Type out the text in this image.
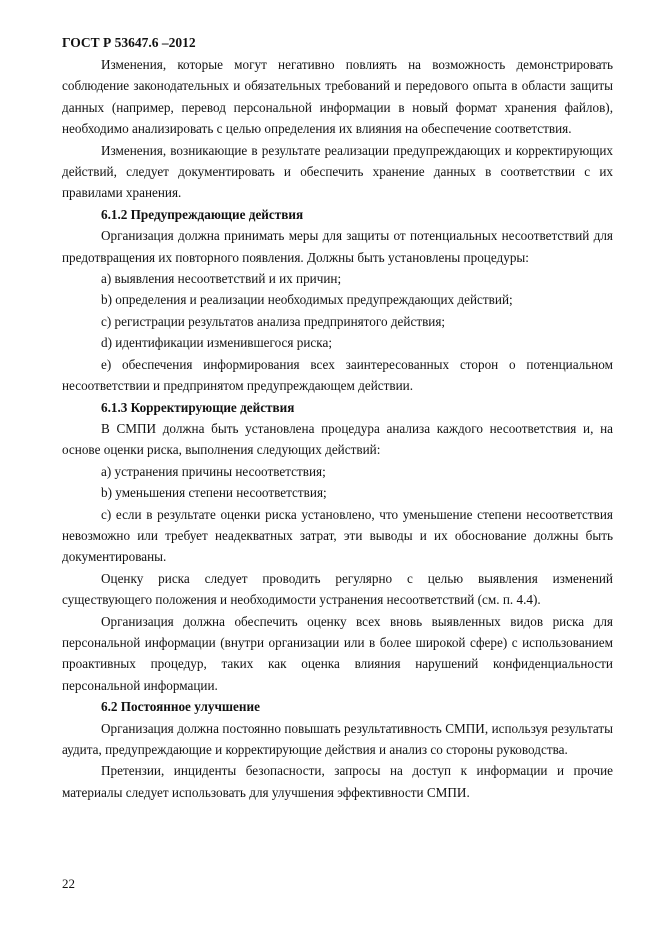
ГОСТ Р 53647.6 –2012
Изменения, которые могут негативно повлиять на возможность демонстрировать соблюдение законодательных и обязательных требований и передового опыта в области защиты данных (например, перевод персональной информации в новый формат хранения файлов), необходимо анализировать с целью определения их влияния на обеспечение соответствия.
Изменения, возникающие в результате реализации предупреждающих и корректирующих действий, следует документировать и обеспечить хранение данных в соответствии с их правилами хранения.
6.1.2 Предупреждающие действия
Организация должна принимать меры для защиты от потенциальных несоответствий для предотвращения их повторного появления. Должны быть установлены процедуры:
a) выявления несоответствий и их причин;
b) определения и реализации необходимых предупреждающих действий;
c) регистрации результатов анализа предпринятого действия;
d) идентификации изменившегося риска;
e) обеспечения информирования всех заинтересованных сторон о потенциальном несоответствии и предпринятом предупреждающем действии.
6.1.3 Корректирующие действия
В СМПИ должна быть установлена процедура анализа каждого несоответствия и, на основе оценки риска, выполнения следующих действий:
a) устранения причины несоответствия;
b) уменьшения степени несоответствия;
c) если в результате оценки риска установлено, что уменьшение степени несоответствия невозможно или требует неадекватных затрат, эти выводы и их обоснование должны быть документированы.
Оценку риска следует проводить регулярно с целью выявления изменений существующего положения и необходимости устранения несоответствий (см. п. 4.4).
Организация должна обеспечить оценку всех вновь выявленных видов риска для персональной информации (внутри организации или в более широкой сфере) с использованием проактивных процедур, таких как оценка влияния нарушений конфиденциальности персональной информации.
6.2 Постоянное улучшение
Организация должна постоянно повышать результативность СМПИ, используя результаты аудита, предупреждающие и корректирующие действия и анализ со стороны руководства.
Претензии, инциденты безопасности, запросы на доступ к информации и прочие материалы следует использовать для улучшения эффективности СМПИ.
22
